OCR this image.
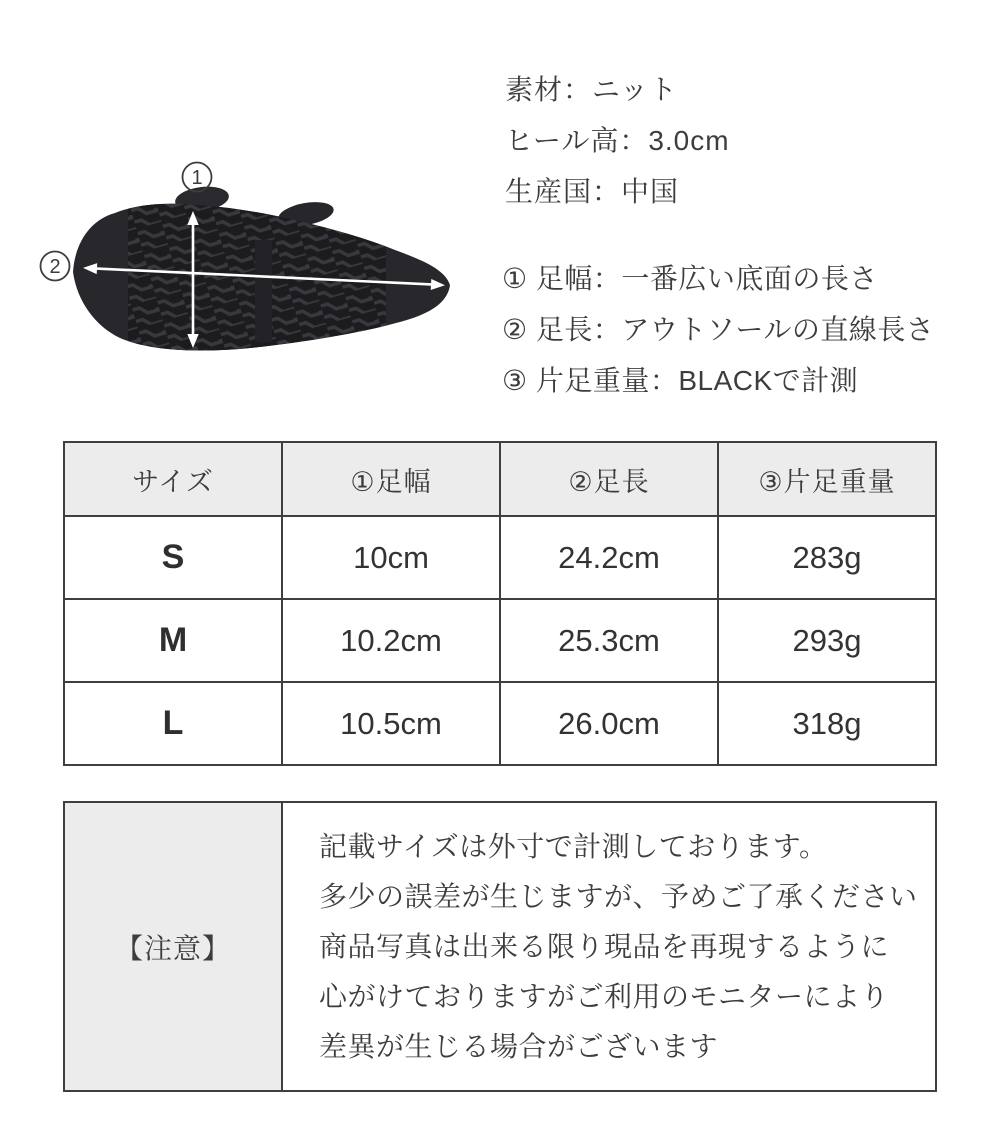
1
2
素材：ニット
ヒール高：3.0cm
生産国：中国
① 足幅：一番広い底面の長さ
② 足長：アウトソールの直線長さ
③ 片足重量：BLACKで計測
サイズ	①足幅	②足長	③片足重量
S	10cm	24.2cm	283g
M	10.2cm	25.3cm	293g
L	10.5cm	26.0cm	318g
【注意】
記載サイズは外寸で計測しております。
多少の誤差が生じますが、予めご了承ください
商品写真は出来る限り現品を再現するように
心がけておりますがご利用のモニターにより
差異が生じる場合がございます
